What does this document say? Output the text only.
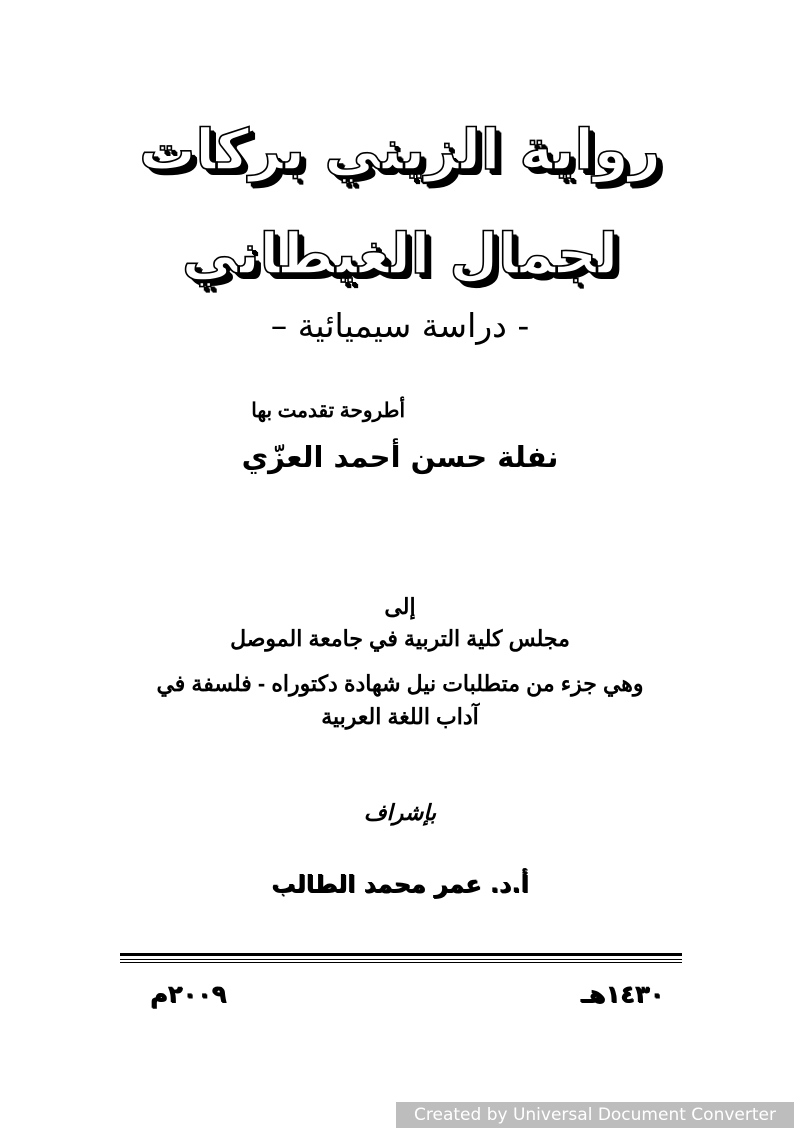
رواية الزيني بركات
لجمال الغيطاني
- دراسة سيميائية –
أطروحة تقدمت بها
نفلة حسن أحمد العزّي
إلى
مجلس كلية التربية في جامعة الموصل
وهي جزء من متطلبات نيل شهادة دكتوراه - فلسفة في
آداب اللغة العربية
بإشراف
أ.د. عمر محمد الطالب
١٤٣٠هـ
٢٠٠٩م
Created by Universal Document Converter
